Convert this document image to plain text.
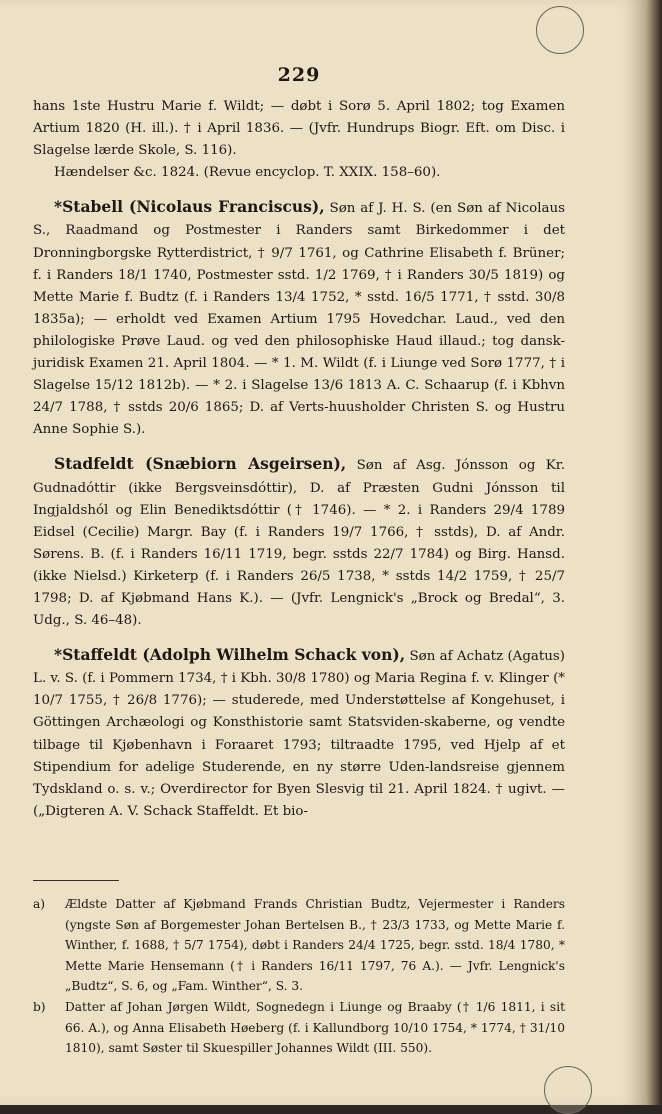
229

hans 1ste Hustru Marie f. Wildt; — døbt i Sorø 5. April 1802; tog Examen Artium 1820 (H. ill.). † i April 1836. — (Jvfr. Hundrups Biogr. Eft. om Disc. i Slagelse lærde Skole, S. 116).

Hændelser &c. 1824. (Revue encyclop. T. XXIX. 158–60).

*Stabell (Nicolaus Franciscus), Søn af J. H. S. (en Søn af Nicolaus S., Raadmand og Postmester i Randers samt Birkedommer i det Dronningborgske Rytterdistrict, † 9/7 1761, og Cathrine Elisabeth f. Brüner; f. i Randers 18/1 1740, Postmester sstd. 1/2 1769, † i Randers 30/5 1819) og Mette Marie f. Budtz (f. i Randers 13/4 1752, * sstd. 16/5 1771, † sstd. 30/8 1835a); — erholdt ved Examen Artium 1795 Hovedchar. Laud., ved den philologiske Prøve Laud. og ved den philosophiske Haud illaud.; tog dansk-juridisk Examen 21. April 1804. — * 1. M. Wildt (f. i Liunge ved Sorø 1777, † i Slagelse 15/12 1812b). — * 2. i Slagelse 13/6 1813 A. C. Schaarup (f. i Kbhvn 24/7 1788, † sstds 20/6 1865; D. af Verts-huusholder Christen S. og Hustru Anne Sophie S.).

Stadfeldt (Snæbiorn Asgeirsen), Søn af Asg. Jónsson og Kr. Gudnadóttir (ikke Bergsveinsdóttir), D. af Præsten Gudni Jónsson til Ingjaldshól og Elin Benediktsdóttir († 1746). — * 2. i Randers 29/4 1789 Eidsel (Cecilie) Margr. Bay (f. i Randers 19/7 1766, † sstds), D. af Andr. Sørens. B. (f. i Randers 16/11 1719, begr. sstds 22/7 1784) og Birg. Hansd. (ikke Nielsd.) Kirketerp (f. i Randers 26/5 1738, * sstds 14/2 1759, † 25/7 1798; D. af Kjøbmand Hans K.). — (Jvfr. Lengnick's „Brock og Bredal“, 3. Udg., S. 46–48).

*Staffeldt (Adolph Wilhelm Schack von), Søn af Achatz (Agatus) L. v. S. (f. i Pommern 1734, † i Kbh. 30/8 1780) og Maria Regina f. v. Klinger (* 10/7 1755, † 26/8 1776); — studerede, med Understøttelse af Kongehuset, i Göttingen Archæologi og Konsthistorie samt Statsviden-skaberne, og vendte tilbage til Kjøbenhavn i Foraaret 1793; tiltraadte 1795, ved Hjelp af et Stipendium for adelige Studerende, en ny større Uden-landsreise gjennem Tydskland o. s. v.; Overdirector for Byen Slesvig til 21. April 1824. † ugivt. — („Digteren A. V. Schack Staffeldt. Et bio-

a) Ældste Datter af Kjøbmand Frands Christian Budtz, Vejermester i Randers (yngste Søn af Borgemester Johan Bertelsen B., † 23/3 1733, og Mette Marie f. Winther, f. 1688, † 5/7 1754), døbt i Randers 24/4 1725, begr. sstd. 18/4 1780, * Mette Marie Hensemann († i Randers 16/11 1797, 76 A.). — Jvfr. Lengnick's „Budtz“, S. 6, og „Fam. Winther“, S. 3.

b) Datter af Johan Jørgen Wildt, Sognedegn i Liunge og Braaby († 1/6 1811, i sit 66. A.), og Anna Elisabeth Høeberg (f. i Kallundborg 10/10 1754, * 1774, † 31/10 1810), samt Søster til Skuespiller Johannes Wildt (III. 550).
